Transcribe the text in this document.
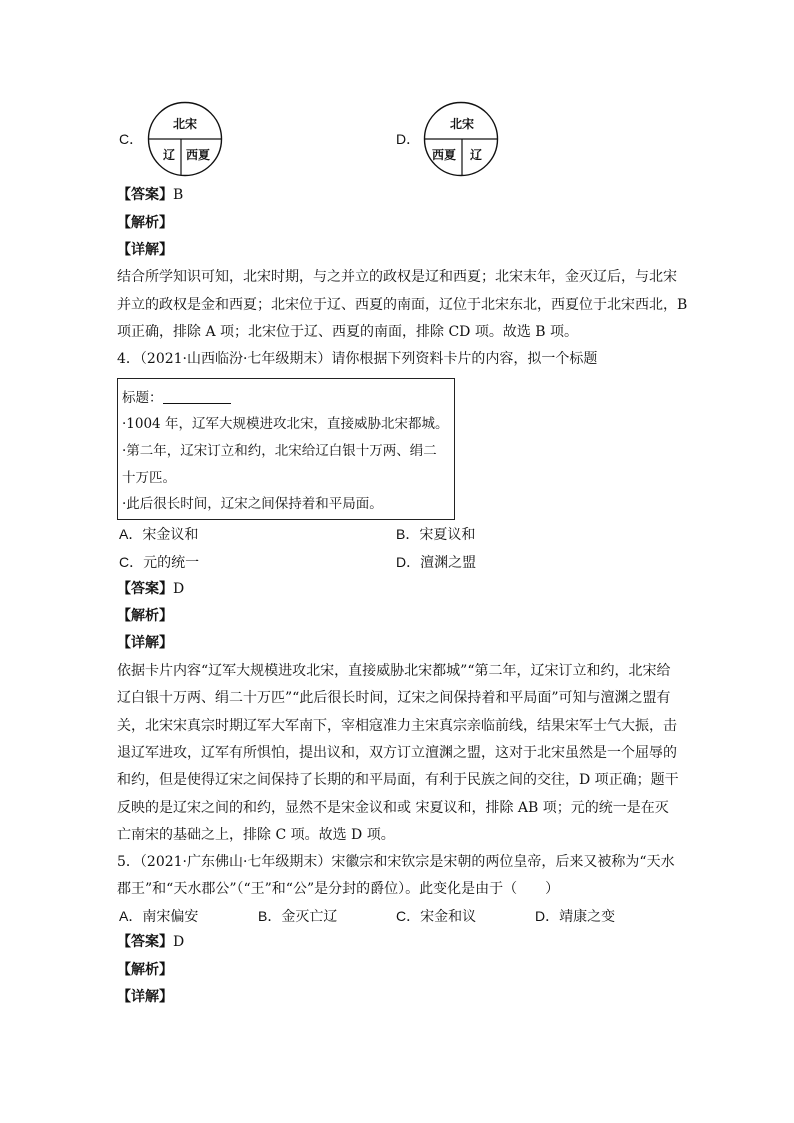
C．
北宋
辽 西夏
D．
北宋
西夏 辽
【答案】B
【解析】
【详解】
结合所学知识可知，北宋时期，与之并立的政权是辽和西夏；北宋末年，金灭辽后，与北宋
并立的政权是金和西夏；北宋位于辽、西夏的南面，辽位于北宋东北，西夏位于北宋西北，B
项正确，排除 A 项；北宋位于辽、西夏的南面，排除 CD 项。故选 B 项。
4．（2021·山西临汾·七年级期末）请你根据下列资料卡片的内容，拟一个标题
标题：
·1004 年，辽军大规模进攻北宋，直接威胁北宋都城。
·第二年，辽宋订立和约，北宋给辽白银十万两、绢二
十万匹。
·此后很长时间，辽宋之间保持着和平局面。
A．宋金议和	B．宋夏议和
C．元的统一	D．澶渊之盟
【答案】D
【解析】
【详解】
依据卡片内容“辽军大规模进攻北宋，直接威胁北宋都城”“第二年，辽宋订立和约，北宋给
辽白银十万两、绢二十万匹”“此后很长时间，辽宋之间保持着和平局面”可知与澶渊之盟有
关，北宋宋真宗时期辽军大军南下，宰相寇准力主宋真宗亲临前线，结果宋军士气大振，击
退辽军进攻，辽军有所惧怕，提出议和，双方订立澶渊之盟，这对于北宋虽然是一个屈辱的
和约，但是使得辽宋之间保持了长期的和平局面，有利于民族之间的交往，D 项正确；题干
反映的是辽宋之间的和约，显然不是宋金议和或 宋夏议和，排除 AB 项；元的统一是在灭
亡南宋的基础之上，排除 C 项。故选 D 项。
5．（2021·广东佛山·七年级期末）宋徽宗和宋钦宗是宋朝的两位皇帝，后来又被称为“天水
郡王”和“天水郡公”（“王”和“公”是分封的爵位）。此变化是由于（　　）
A．南宋偏安	B．金灭亡辽	C．宋金和议	D．靖康之变
【答案】D
【解析】
【详解】
